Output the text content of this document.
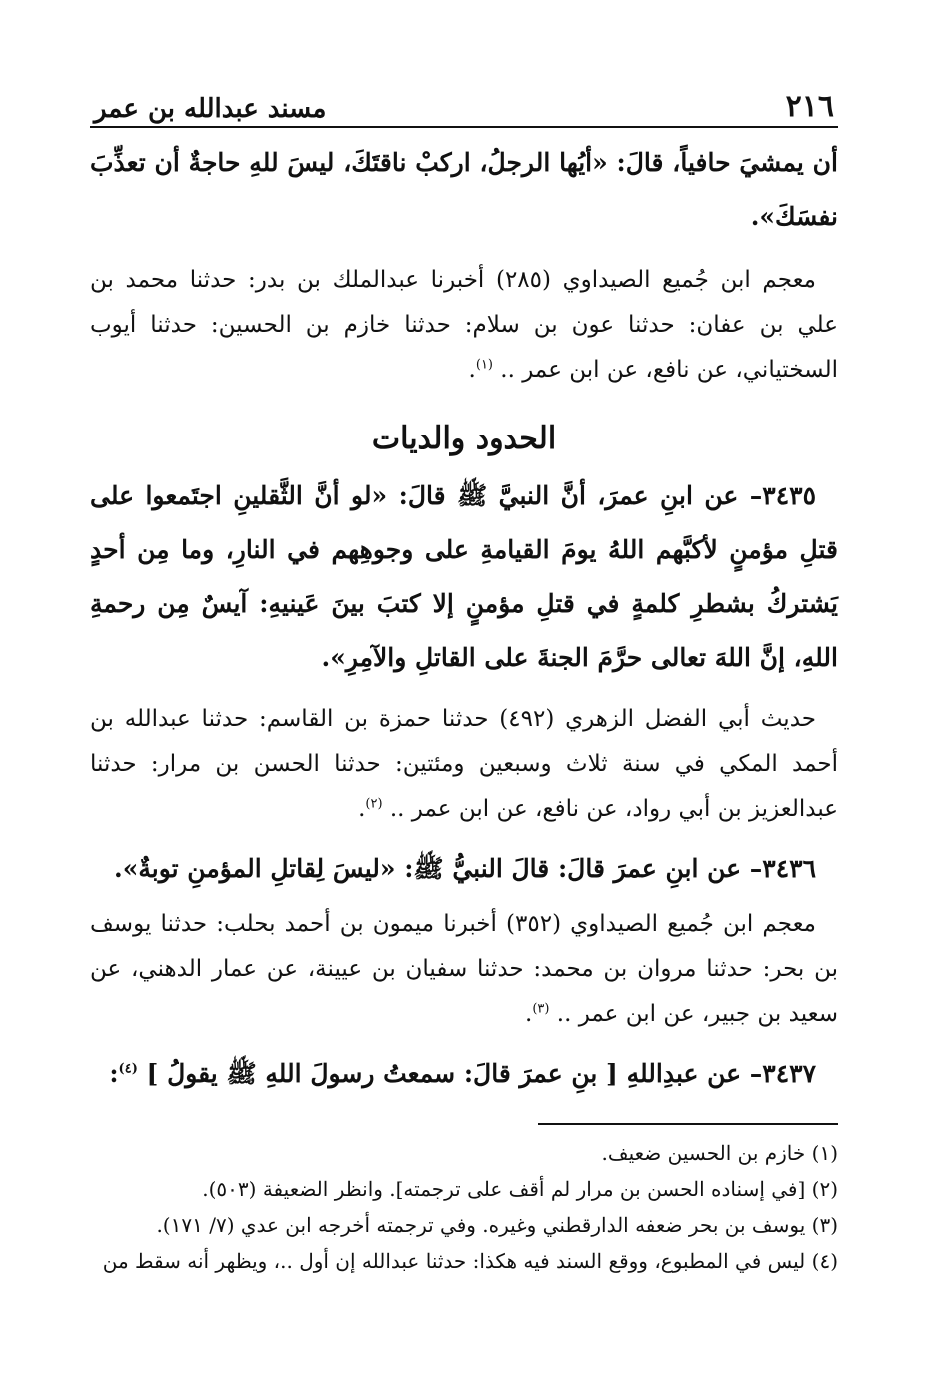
٢١٦
مسند عبدالله بن عمر
أن يمشيَ حافياً، قالَ: «أيُها الرجلُ، اركبْ ناقتَكَ، ليسَ للهِ حاجةٌ أن تعذِّبَ نفسَكَ».
معجم ابن جُميع الصيداوي (٢٨٥) أخبرنا عبدالملك بن بدر: حدثنا محمد بن علي بن عفان: حدثنا عون بن سلام: حدثنا خازم بن الحسين: حدثنا أيوب السختياني، عن نافع، عن ابن عمر .. $^{(١)}$.
الحدود والديات
٣٤٣٥– عن ابنِ عمرَ، أنَّ النبيَّ ﷺ قالَ: «لو أنَّ الثَّقلينِ اجتَمعوا على قتلِ مؤمنٍ لأكبَّهم اللهُ يومَ القيامةِ على وجوهِهم في النارِ، وما مِن أحدٍ يَشتركُ بشطرِ كلمةٍ في قتلِ مؤمنٍ إلا كتبَ بينَ عَينيهِ: آيسٌ مِن رحمةِ اللهِ، إنَّ اللهَ تعالى حرَّمَ الجنةَ على القاتلِ والآمِرِ».
حديث أبي الفضل الزهري (٤٩٢) حدثنا حمزة بن القاسم: حدثنا عبدالله بن أحمد المكي في سنة ثلاث وسبعين ومئتين: حدثنا الحسن بن مرار: حدثنا عبدالعزيز بن أبي رواد، عن نافع، عن ابن عمر .. $^{(٢)}$.
٣٤٣٦– عن ابنِ عمرَ قالَ: قالَ النبيُّ ﷺ: «ليسَ لِقاتلِ المؤمنِ توبةٌ».
معجم ابن جُميع الصيداوي (٣٥٢) أخبرنا ميمون بن أحمد بحلب: حدثنا يوسف بن بحر: حدثنا مروان بن محمد: حدثنا سفيان بن عيينة، عن عمار الدهني، عن سعيد بن جبير، عن ابن عمر .. $^{(٣)}$.
٣٤٣٧– عن عبدِاللهِ [ بنِ عمرَ قالَ: سمعتُ رسولَ اللهِ ﷺ يقولُ ] $^{(٤)}$:

(١) خازم بن الحسين ضعيف.

(٢) [في إسناده الحسن بن مرار لم أقف على ترجمته]. وانظر الضعيفة (٥٠٣).

(٣) يوسف بن بحر ضعفه الدارقطني وغيره. وفي ترجمته أخرجه ابن عدي (٧/ ١٧١).

(٤) ليس في المطبوع، ووقع السند فيه هكذا: حدثنا عبدالله إن أول ..، ويظهر أنه سقط من
